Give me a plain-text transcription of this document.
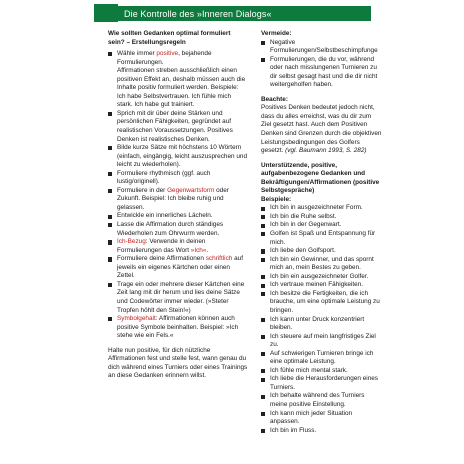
Die Kontrolle des »Inneren Dialogs«

Wie sollten Gedanken optimal formuliert sein? – Erstellungsregeln

Wähle immer positive, bejahende Formulierungen.
Affirmationen streben ausschließlich einen positiven Effekt an, deshalb müssen auch die Inhalte positiv formuliert werden. Beispiele: Ich habe Selbstvertrauen. Ich fühle mich stark. Ich habe gut trainiert.
Sprich mit dir über deine Stärken und persönlichen Fähigkeiten, gegründet auf realistischen Voraussetzungen. Positives Denken ist realistisches Denken.
Bilde kurze Sätze mit höchstens 10 Wörtern (einfach, eingängig, leicht auszusprechen und leicht zu wiederholen).
Formuliere rhythmisch (ggf. auch lustig/originell).
Formuliere in der Gegenwartsform oder Zukunft. Beispiel: Ich bleibe ruhig und gelassen.
Entwickle ein innerliches Lächeln.
Lasse die Affirmation durch ständiges Wiederholen zum Ohrwurm werden.
Ich-Bezug: Verwende in deinen Formulierungen das Wort »Ich«.
Formuliere deine Affirmationen schriftlich auf jeweils ein eigenes Kärtchen oder einen Zettel.
Trage ein oder mehrere dieser Kärtchen eine Zeit lang mit dir herum und lies deine Sätze und Codewörter immer wieder. (»Steter Tropfen höhlt den Stein!«)
Symbolgehalt: Affirmationen können auch positive Symbole beinhalten. Beispiel: »Ich stehe wie ein Fels.«

Halte nun positive, für dich nützliche Affirmationen fest und stelle fest, wann genau du dich während eines Turniers oder eines Trainings an diese Gedanken erinnern willst.

Vermeide:

Negative Formulierungen/Selbstbeschimpfunge
Formulierungen, die du vor, während oder nach misslungenen Turnieren zu dir selbst gesagt hast und die dir nicht weitergeholfen haben.

Beachte:

Positives Denken bedeutet jedoch nicht, dass du alles erreichst, was du dir zum Ziel gesetzt hast. Auch dem Positiven Denken sind Grenzen durch die objektiven Leistungsbedingungen des Golfers gesetzt. (vgl. Baumann 1993, S. 282)

Unterstützende, positive, aufgabenbezogene Gedanken und Bekräftigungen/Affirmationen (positive Selbstgespräche)

Beispiele:

Ich bin in ausgezeichneter Form.
Ich bin die Ruhe selbst.
Ich bin in der Gegenwart.
Golfen ist Spaß und Entspannung für mich.
Ich liebe den Golfsport.
Ich bin ein Gewinner, und das spornt mich an, mein Bestes zu geben.
Ich bin ein ausgezeichneter Golfer.
Ich vertraue meinen Fähigkeiten.
Ich besitze die Fertigkeiten, die ich brauche, um eine optimale Leistung zu bringen.
Ich kann unter Druck konzentriert bleiben.
Ich steuere auf mein langfristiges Ziel zu.
Auf schwierigen Turnieren bringe ich eine optimale Leistung.
Ich fühle mich mental stark.
Ich liebe die Herausforderungen eines Turniers.
Ich behalte während des Turniers meine positive Einstellung.
Ich kann mich jeder Situation anpassen.
Ich bin im Fluss.
